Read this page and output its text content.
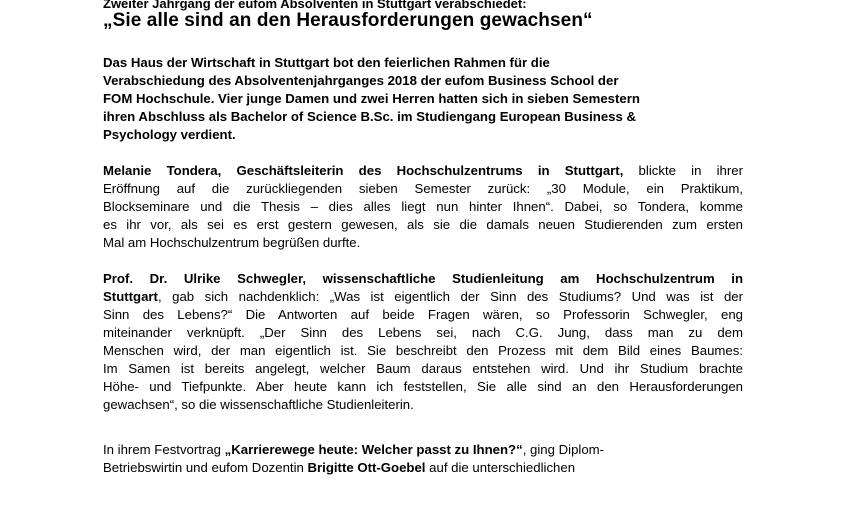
Zweiter Jahrgang der eufom Absolventen in Stuttgart verabschiedet:
„Sie alle sind an den Herausforderungen gewachsen“
Das Haus der Wirtschaft in Stuttgart bot den feierlichen Rahmen für die
Verabschiedung des Absolventenjahrganges 2018 der eufom Business School der
FOM Hochschule. Vier junge Damen und zwei Herren hatten sich in sieben Semestern
ihren Abschluss als Bachelor of Science B.Sc. im Studiengang European Business &
Psychology verdient.
Melanie Tondera, Geschäftsleiterin des Hochschulzentrums in Stuttgart, blickte in ihrer
Eröffnung auf die zurückliegenden sieben Semester zurück: „30 Module, ein Praktikum,
Blockseminare und die Thesis – dies alles liegt nun hinter Ihnen“. Dabei, so Tondera, komme
es ihr vor, als sei es erst gestern gewesen, als sie die damals neuen Studierenden zum ersten
Mal am Hochschulzentrum begrüßen durfte.
Prof. Dr. Ulrike Schwegler, wissenschaftliche Studienleitung am Hochschulzentrum in
Stuttgart, gab sich nachdenklich: „Was ist eigentlich der Sinn des Studiums? Und was ist der
Sinn des Lebens?“ Die Antworten auf beide Fragen wären, so Professorin Schwegler, eng
miteinander verknüpft. „Der Sinn des Lebens sei, nach C.G. Jung, dass man zu dem
Menschen wird, der man eigentlich ist. Sie beschreibt den Prozess mit dem Bild eines Baumes:
Im Samen ist bereits angelegt, welcher Baum daraus entstehen wird. Und ihr Studium brachte
Höhe- und Tiefpunkte. Aber heute kann ich feststellen, Sie alle sind an den Herausforderungen
gewachsen“, so die wissenschaftliche Studienleiterin.
In ihrem Festvortrag „Karrierewege heute: Welcher passt zu Ihnen?“, ging Diplom-
Betriebswirtin und eufom Dozentin Brigitte Ott-Goebel auf die unterschiedlichen
